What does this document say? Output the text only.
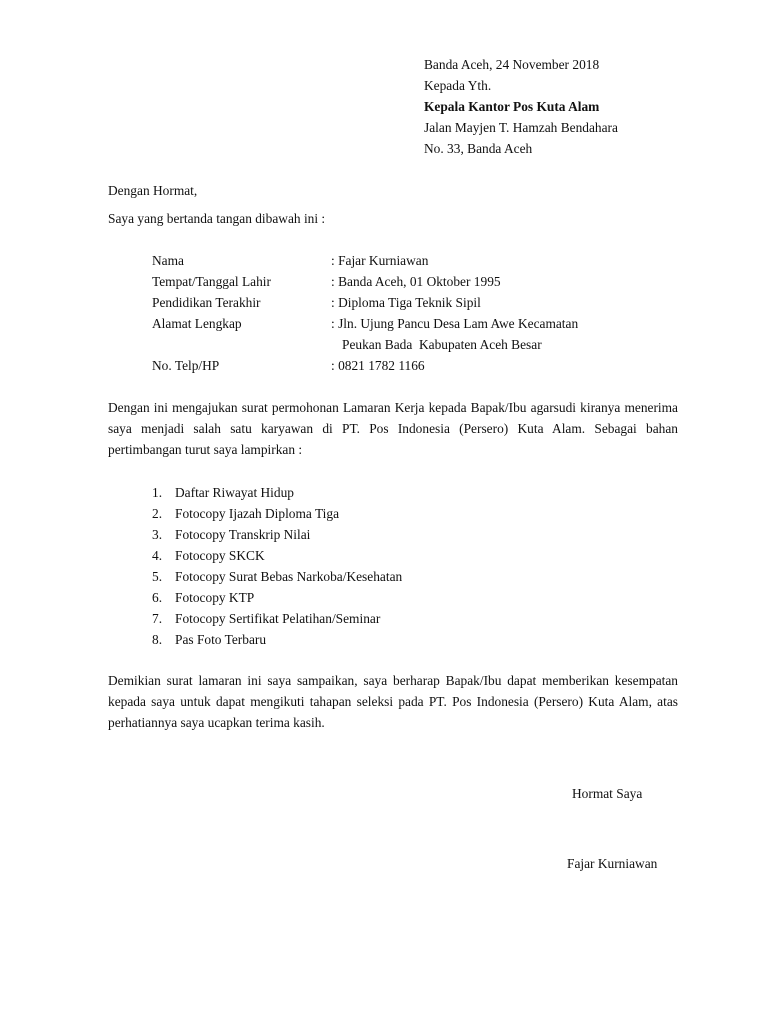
Banda Aceh, 24 November 2018
Kepada Yth.
Kepala Kantor Pos Kuta Alam
Jalan Mayjen T. Hamzah Bendahara
No. 33, Banda Aceh
Dengan Hormat,
Saya yang bertanda tangan dibawah ini :
Nama	: Fajar Kurniawan
Tempat/Tanggal Lahir	: Banda Aceh, 01 Oktober 1995
Pendidikan Terakhir	: Diploma Tiga Teknik Sipil
Alamat Lengkap	: Jln. Ujung Pancu Desa Lam Awe Kecamatan
Peukan Bada  Kabupaten Aceh Besar
No. Telp/HP	: 0821 1782 1166
Dengan ini mengajukan surat permohonan Lamaran Kerja kepada Bapak/Ibu agarsudi kiranya menerima saya menjadi salah satu karyawan di PT. Pos Indonesia (Persero) Kuta Alam. Sebagai bahan pertimbangan turut saya lampirkan :
1. Daftar Riwayat Hidup
2. Fotocopy Ijazah Diploma Tiga
3. Fotocopy Transkrip Nilai
4. Fotocopy SKCK
5. Fotocopy Surat Bebas Narkoba/Kesehatan
6. Fotocopy KTP
7. Fotocopy Sertifikat Pelatihan/Seminar
8. Pas Foto Terbaru
Demikian surat lamaran ini saya sampaikan, saya berharap Bapak/Ibu dapat memberikan kesempatan kepada saya untuk dapat mengikuti tahapan seleksi pada PT. Pos Indonesia (Persero) Kuta Alam, atas perhatiannya saya ucapkan terima kasih.
Hormat Saya
Fajar Kurniawan
